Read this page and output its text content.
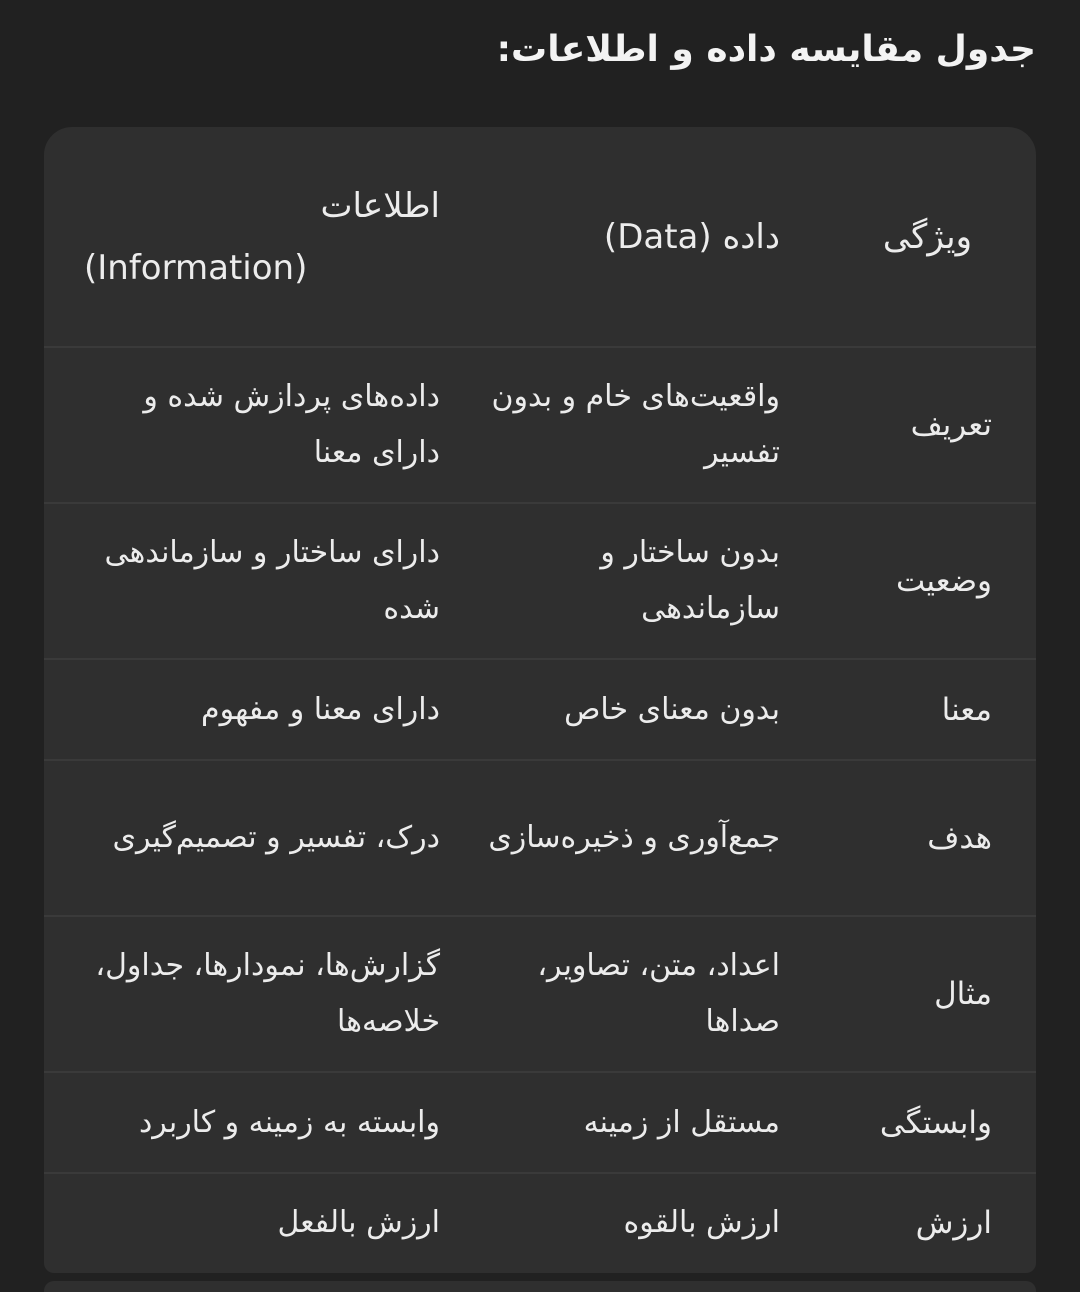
جدول مقایسه داده و اطلاعات:
ویژگی	داده (Data)	اطلاعات
(Information)

تعریف	واقعیت‌های خام و بدون تفسیر	داده‌های پردازش شده و دارای معنا
وضعیت	بدون ساختار و سازماندهی	دارای ساختار و سازماندهی شده
معنا	بدون معنای خاص	دارای معنا و مفهوم
هدف	جمع‌آوری و ذخیره‌سازی	درک، تفسیر و تصمیم‌گیری
مثال	اعداد، متن، تصاویر، صداها	گزارش‌ها، نمودارها، جداول، خلاصه‌ها
وابستگی	مستقل از زمینه	وابسته به زمینه و کاربرد
ارزش	ارزش بالقوه	ارزش بالفعل
